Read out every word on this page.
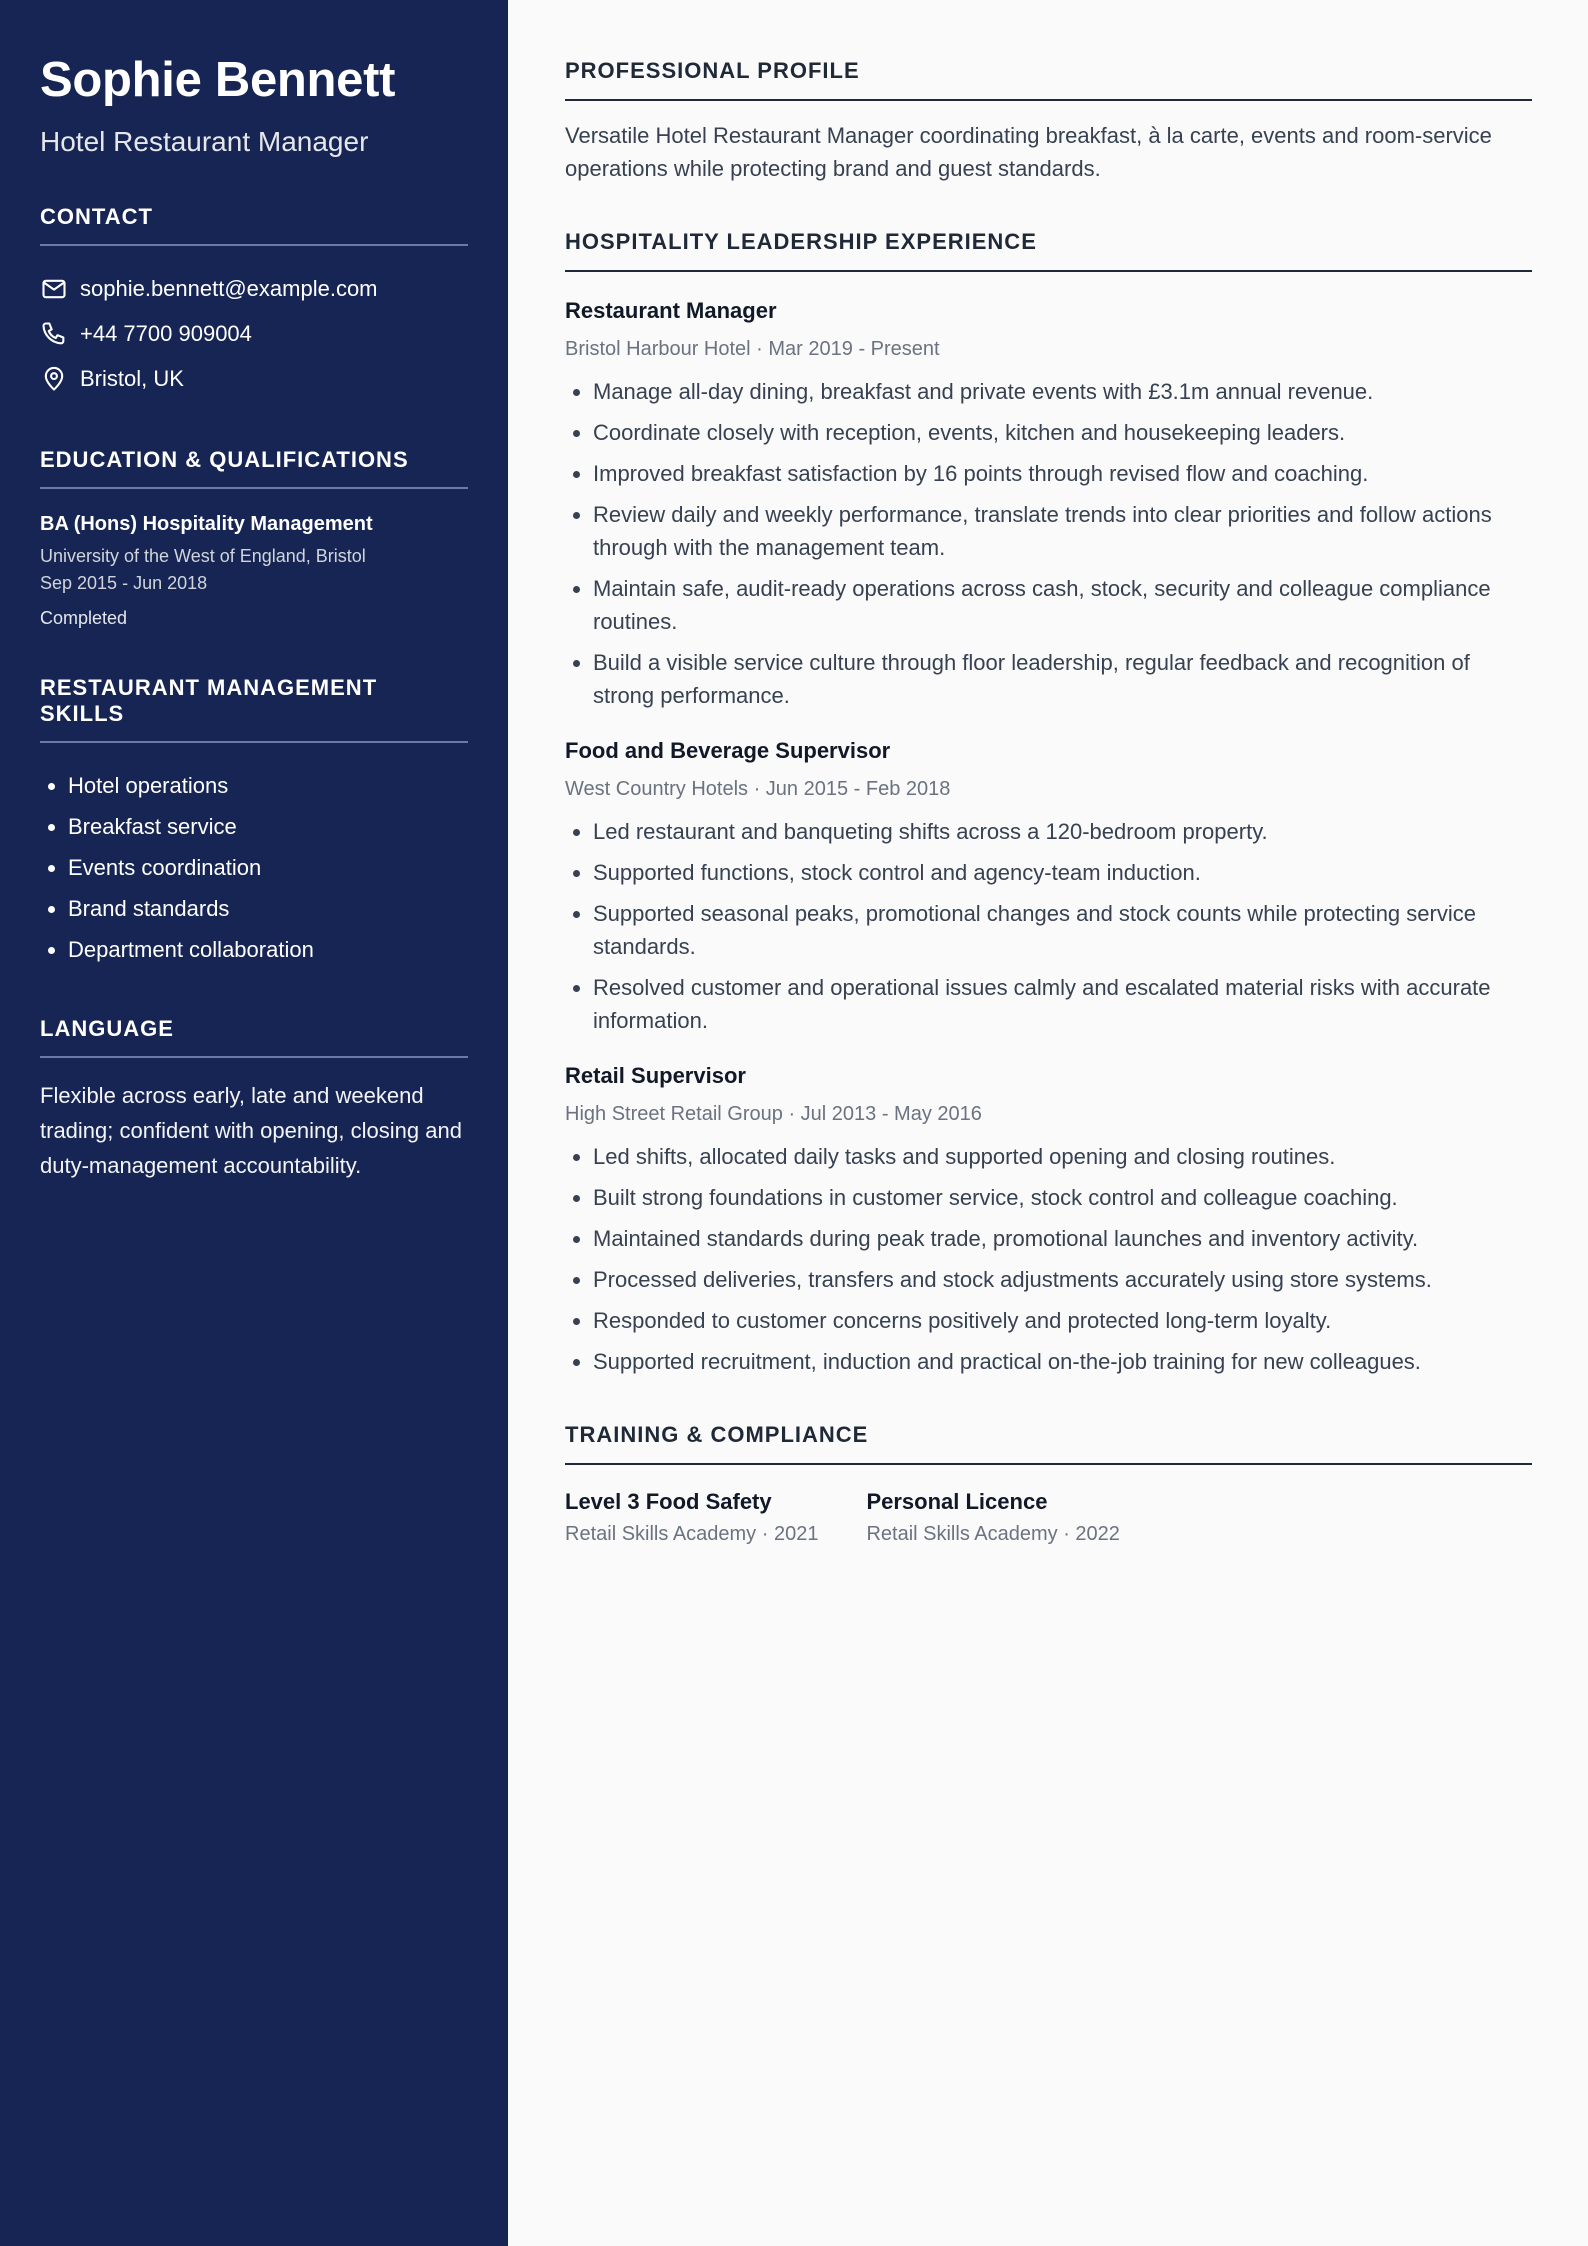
Sophie Bennett
Hotel Restaurant Manager
CONTACT
sophie.bennett@example.com
+44 7700 909004
Bristol, UK
EDUCATION & QUALIFICATIONS
BA (Hons) Hospitality Management
University of the West of England, Bristol
Sep 2015 - Jun 2018
Completed
RESTAURANT MANAGEMENT SKILLS
• Hotel operations
• Breakfast service
• Events coordination
• Brand standards
• Department collaboration
LANGUAGE
Flexible across early, late and weekend trading; confident with opening, closing and duty-management accountability.
PROFESSIONAL PROFILE

Versatile Hotel Restaurant Manager coordinating breakfast, à la carte, events and room-service operations while protecting brand and guest standards.

HOSPITALITY LEADERSHIP EXPERIENCE
Restaurant Manager
Bristol Harbour Hotel · Mar 2019 - Present
• Manage all-day dining, breakfast and private events with £3.1m annual revenue.
• Coordinate closely with reception, events, kitchen and housekeeping leaders.
• Improved breakfast satisfaction by 16 points through revised flow and coaching.
• Review daily and weekly performance, translate trends into clear priorities and follow actions through with the management team.
• Maintain safe, audit-ready operations across cash, stock, security and colleague compliance routines.
• Build a visible service culture through floor leadership, regular feedback and recognition of strong performance.
Food and Beverage Supervisor
West Country Hotels · Jun 2015 - Feb 2018
• Led restaurant and banqueting shifts across a 120-bedroom property.
• Supported functions, stock control and agency-team induction.
• Supported seasonal peaks, promotional changes and stock counts while protecting service standards.
• Resolved customer and operational issues calmly and escalated material risks with accurate information.
Retail Supervisor
High Street Retail Group · Jul 2013 - May 2016
• Led shifts, allocated daily tasks and supported opening and closing routines.
• Built strong foundations in customer service, stock control and colleague coaching.
• Maintained standards during peak trade, promotional launches and inventory activity.
• Processed deliveries, transfers and stock adjustments accurately using store systems.
• Responded to customer concerns positively and protected long-term loyalty.
• Supported recruitment, induction and practical on-the-job training for new colleagues.
TRAINING & COMPLIANCE
Level 3 Food Safety
Retail Skills Academy · 2021
Personal Licence
Retail Skills Academy · 2022
